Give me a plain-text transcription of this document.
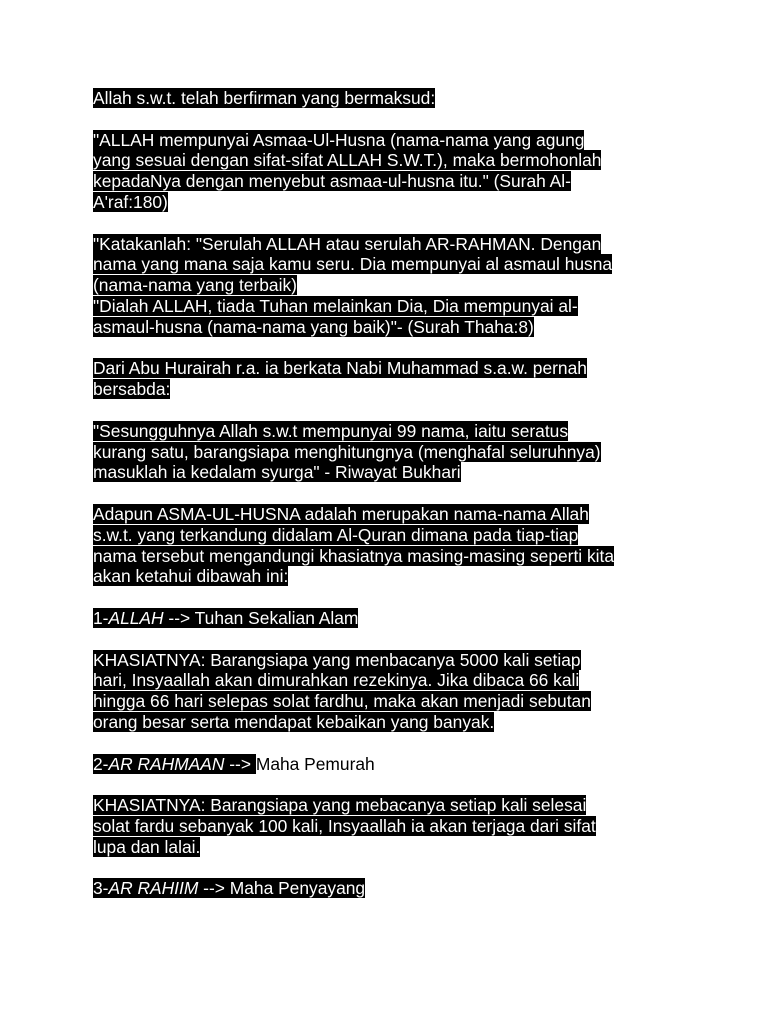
Allah s.w.t. telah berfirman yang bermaksud:

"ALLAH mempunyai Asmaa-Ul-Husna (nama-nama yang agung
yang sesuai dengan sifat-sifat ALLAH S.W.T.), maka bermohonlah
kepadaNya dengan menyebut asmaa-ul-husna itu." (Surah Al-
A'raf:180)

"Katakanlah: "Serulah ALLAH atau serulah AR-RAHMAN. Dengan
nama yang mana saja kamu seru. Dia mempunyai al asmaul husna
(nama-nama yang terbaik)
"Dialah ALLAH, tiada Tuhan melainkan Dia, Dia mempunyai al-
asmaul-husna (nama-nama yang baik)"- (Surah Thaha:8)

Dari Abu Hurairah r.a. ia berkata Nabi Muhammad s.a.w. pernah
bersabda:

"Sesungguhnya Allah s.w.t mempunyai 99 nama, iaitu seratus
kurang satu, barangsiapa menghitungnya (menghafal seluruhnya)
masuklah ia kedalam syurga" - Riwayat Bukhari

Adapun ASMA-UL-HUSNA adalah merupakan nama-nama Allah
s.w.t. yang terkandung didalam Al-Quran dimana pada tiap-tiap
nama tersebut mengandungi khasiatnya masing-masing seperti kita
akan ketahui dibawah ini:

1-ALLAH --> Tuhan Sekalian Alam

KHASIATNYA: Barangsiapa yang menbacanya 5000 kali setiap
hari, Insyaallah akan dimurahkan rezekinya. Jika dibaca 66 kali
hingga 66 hari selepas solat fardhu, maka akan menjadi sebutan
orang besar serta mendapat kebaikan yang banyak.

2-AR RAHMAAN --> Maha Pemurah

KHASIATNYA: Barangsiapa yang mebacanya setiap kali selesai
solat fardu sebanyak 100 kali, Insyaallah ia akan terjaga dari sifat
lupa dan lalai.

3-AR RAHIIM --> Maha Penyayang
